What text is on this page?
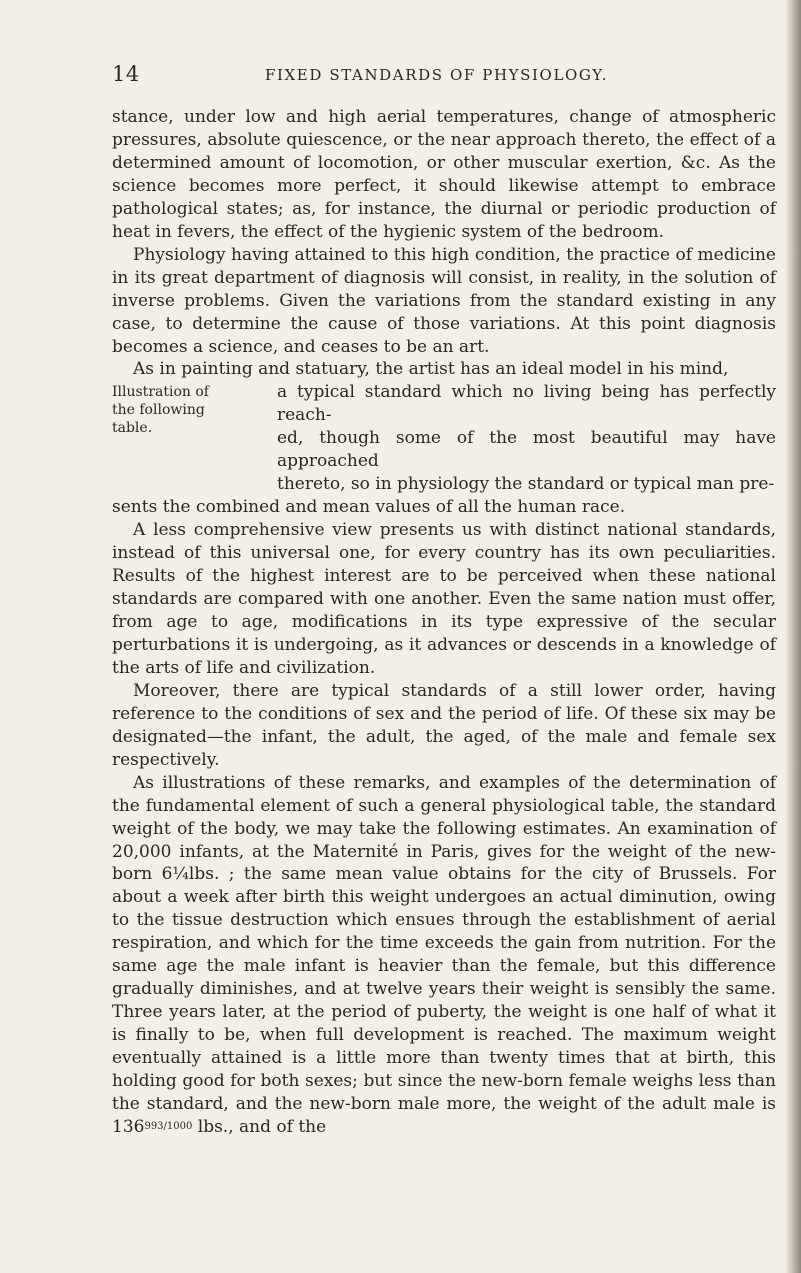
14	FIXED STANDARDS OF PHYSIOLOGY.

stance, under low and high aerial temperatures, change of atmospheric pressures, absolute quiescence, or the near approach thereto, the effect of a determined amount of locomotion, or other muscular exertion, &c. As the science becomes more perfect, it should likewise attempt to embrace pathological states; as, for instance, the diurnal or periodic production of heat in fevers, the effect of the hygienic system of the bedroom.

Physiology having attained to this high condition, the practice of medicine in its great department of diagnosis will consist, in reality, in the solution of inverse problems. Given the variations from the standard existing in any case, to determine the cause of those variations. At this point diagnosis becomes a science, and ceases to be an art.

As in painting and statuary, the artist has an ideal model in his mind,

Illustration of the following table.
a typical standard which no living being has perfectly reach-
ed, though some of the most beautiful may have approached
thereto, so in physiology the standard or typical man pre-

sents the combined and mean values of all the human race.

A less comprehensive view presents us with distinct national standards, instead of this universal one, for every country has its own peculiarities. Results of the highest interest are to be perceived when these national standards are compared with one another. Even the same nation must offer, from age to age, modifications in its type expressive of the secular perturbations it is undergoing, as it advances or descends in a knowledge of the arts of life and civilization.

Moreover, there are typical standards of a still lower order, having reference to the conditions of sex and the period of life. Of these six may be designated—the infant, the adult, the aged, of the male and female sex respectively.

As illustrations of these remarks, and examples of the determination of the fundamental element of such a general physiological table, the standard weight of the body, we may take the following estimates. An examination of 20,000 infants, at the Maternité in Paris, gives for the weight of the new-born 6¼lbs. ; the same mean value obtains for the city of Brussels. For about a week after birth this weight undergoes an actual diminution, owing to the tissue destruction which ensues through the establishment of aerial respiration, and which for the time exceeds the gain from nutrition. For the same age the male infant is heavier than the female, but this difference gradually diminishes, and at twelve years their weight is sensibly the same. Three years later, at the period of puberty, the weight is one half of what it is finally to be, when full development is reached. The maximum weight eventually attained is a little more than twenty times that at birth, this holding good for both sexes; but since the new-born female weighs less than the standard, and the new-born male more, the weight of the adult male is $136^{993/1000}$ lbs., and of the
